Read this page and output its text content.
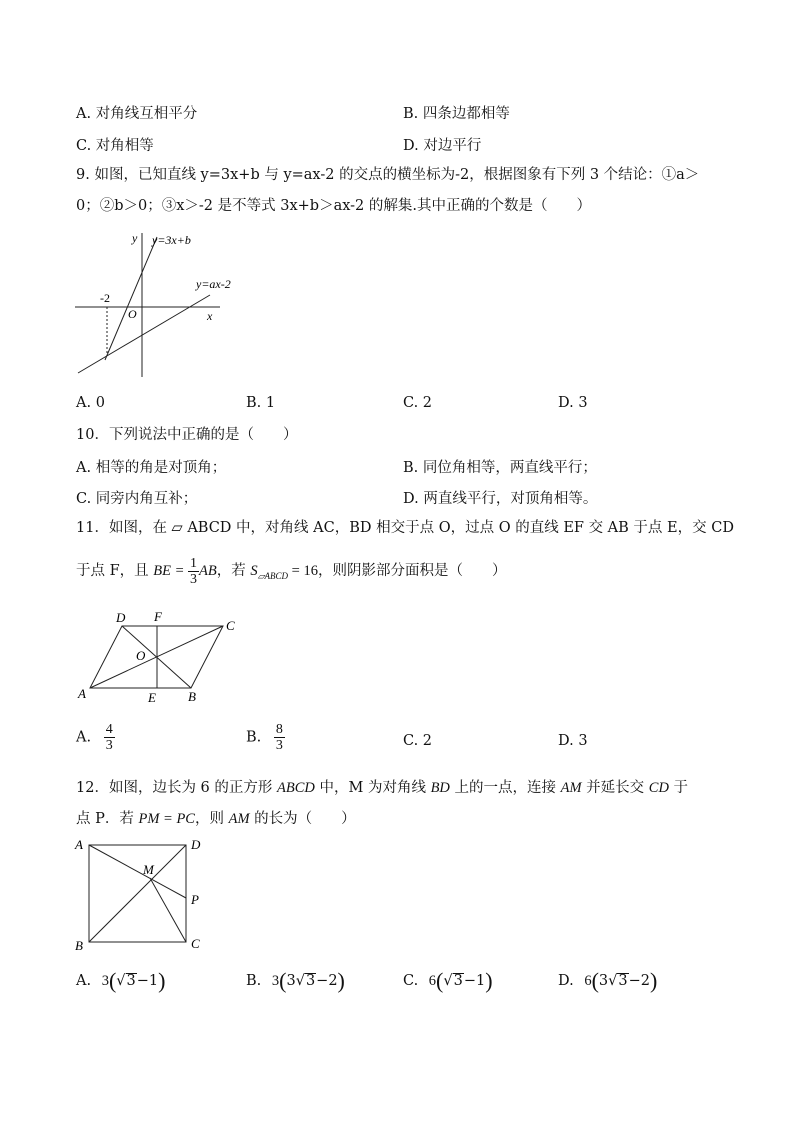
A. 对角线互相平分	B. 四条边都相等
C. 对角相等	D. 对边平行
9. 如图，已知直线 y=3x+b 与 y=ax-2 的交点的横坐标为-2，根据图象有下列 3 个结论：①a＞
0；②b＞0；③x＞-2 是不等式 3x+b＞ax-2 的解集.其中正确的个数是（　　）
y
x
O
y=3x+b
y=ax-2
-2
A. 0	B. 1	C. 2	D. 3
10．下列说法中正确的是（　　）
A. 相等的角是对顶角；	B. 同位角相等，两直线平行；
C. 同旁内角互补；	D. 两直线平行，对顶角相等。
11．如图，在 ▱ ABCD 中，对角线 AC，BD 相交于点 O，过点 O 的直线 EF 交 AB 于点 E，交 CD
于点 F，且 BE = $\frac{1}{3}$ AB，若 $S_{▱ABCD} = 16$，则阴影部分面积是（　　）
A	B
C
D
E
F
O
A. $\frac{4}{3}$	B. $\frac{8}{3}$	C. 2	D. 3
12．如图，边长为 6 的正方形 ABCD 中，M 为对角线 BD 上的一点，连接 AM 并延长交 CD 于
点 P．若 PM = PC，则 AM 的长为（　　）
A	D
B	C
M
P
A. 3(√3−1)	B. 3(3√3−2)	C. 6(√3−1)	D. 6(3√3−2)
